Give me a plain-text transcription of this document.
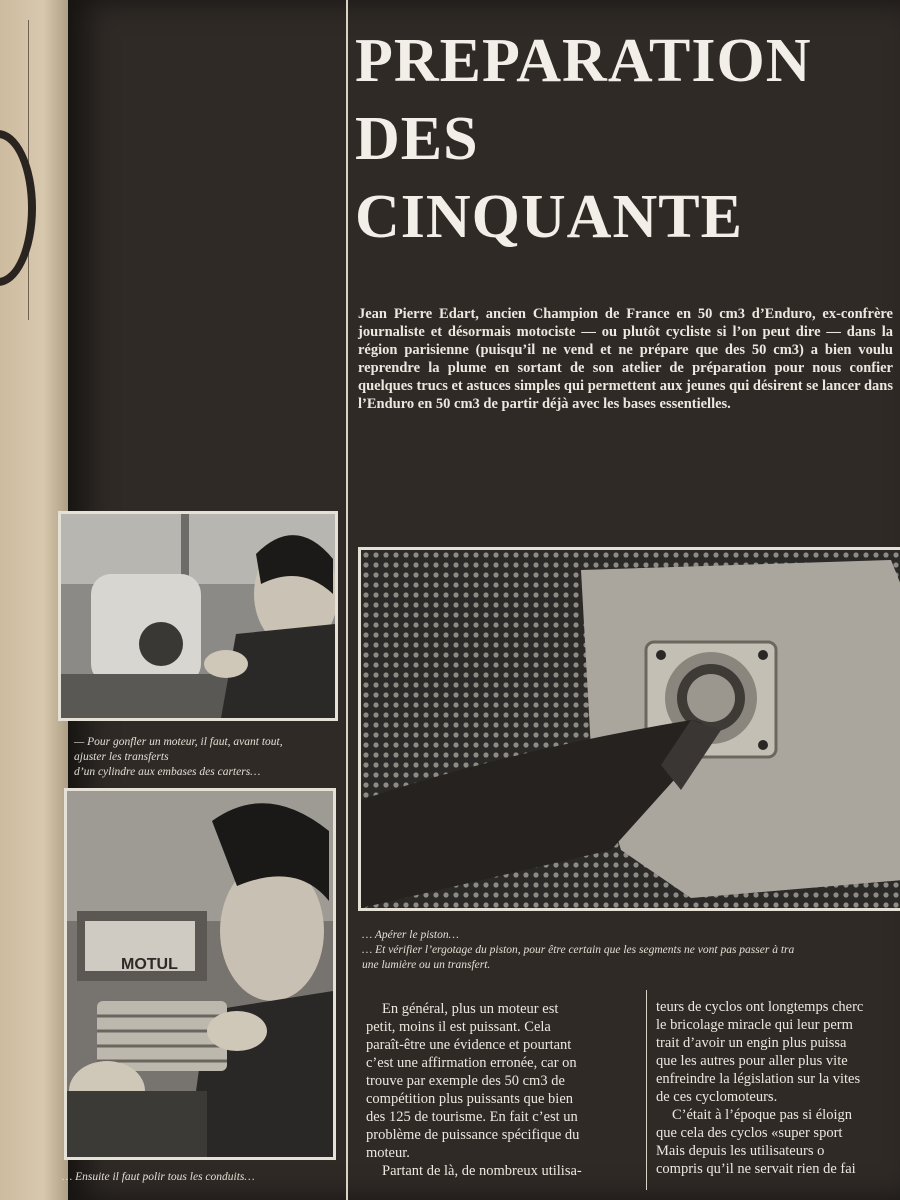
PREPARATION
DES
CINQUANTE

Jean Pierre Edart, ancien Champion de France en 50 cm3 d’Enduro, ex-confrère journaliste et désormais motociste — ou plutôt cycliste si l’on peut dire — dans la région parisienne (puisqu’il ne vend et ne prépare que des 50 cm3) a bien voulu reprendre la plume en sortant de son atelier de préparation pour nous confier quelques trucs et astuces simples qui permettent aux jeunes qui désirent se lancer dans l’Enduro en 50 cm3 de partir déjà avec les bases essentielles.

— Pour gonfler un moteur, il faut, avant tout,
ajuster les transferts
d’un cylindre aux embases des carters…

MOTUL

… Ensuite il faut polir tous les conduits…

… Apérer le piston…
… Et vérifier l’ergotage du piston, pour être certain que les segments ne vont pas passer à tra
une lumière ou un transfert.

En général, plus un moteur est
petit, moins il est puissant. Cela
paraît-être une évidence et pourtant
c’est une affirmation erronée, car on
trouve par exemple des 50 cm3 de
compétition plus puissants que bien
des 125 de tourisme. En fait c’est un
problème de puissance spécifique du
moteur.
Partant de là, de nombreux utilisa-

teurs de cyclos ont longtemps cherc
le bricolage miracle qui leur perm
trait d’avoir un engin plus puissa
que les autres pour aller plus vite
enfreindre la législation sur la vites
de ces cyclomoteurs.
C’était à l’époque pas si éloign
que cela des cyclos «super sport
Mais depuis les utilisateurs o
compris qu’il ne servait rien de fai
